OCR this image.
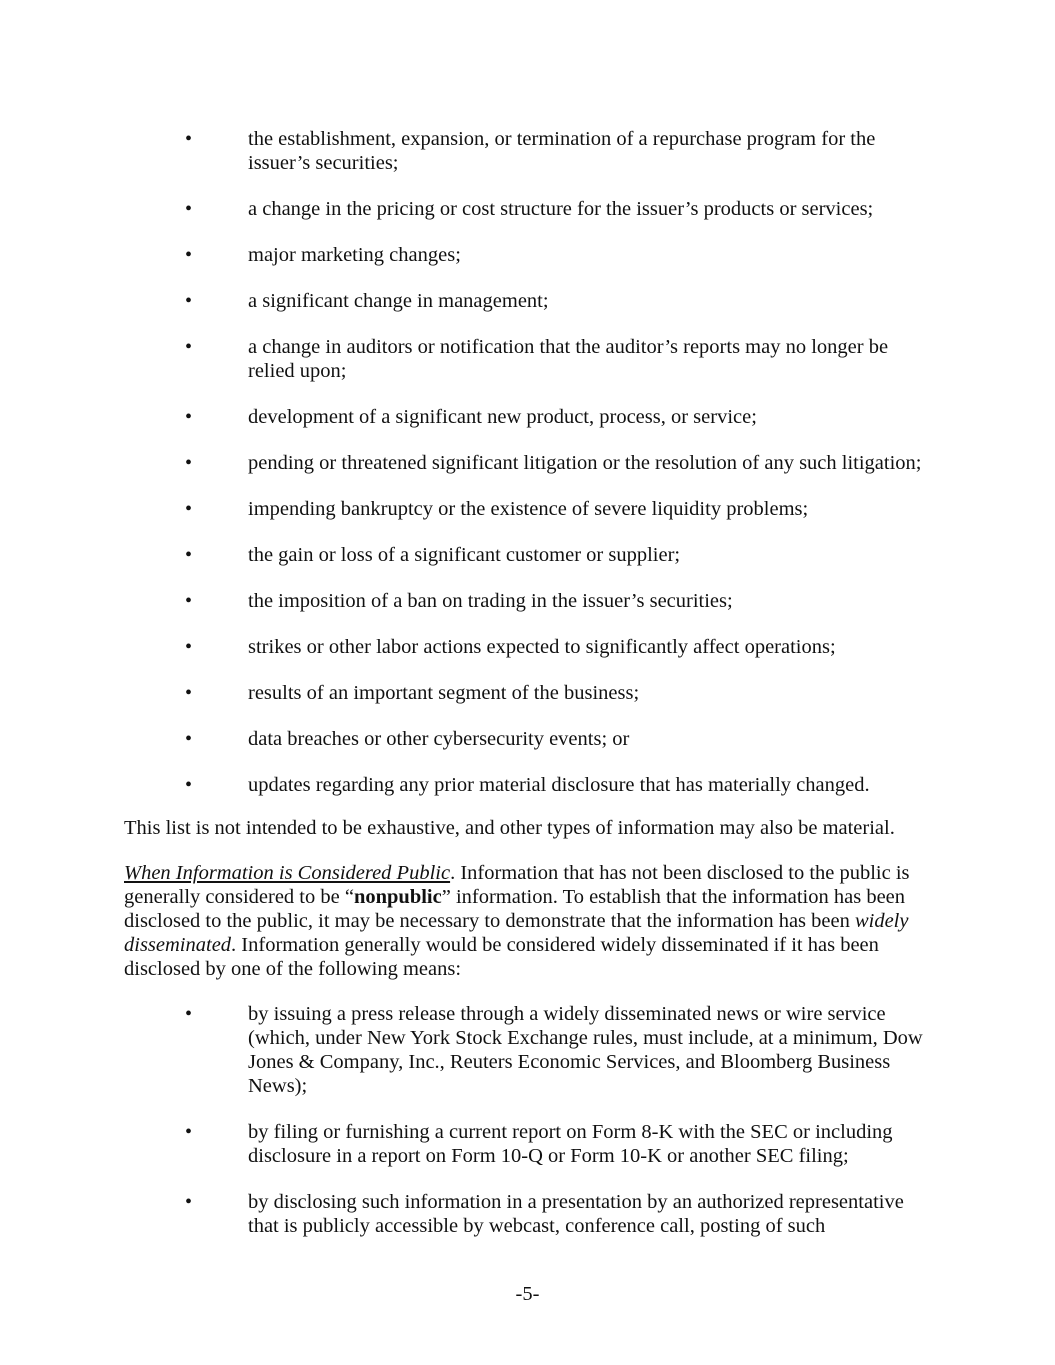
•	the establishment, expansion, or termination of a repurchase program for the issuer’s securities;
•	a change in the pricing or cost structure for the issuer’s products or services;
•	major marketing changes;
•	a significant change in management;
•	a change in auditors or notification that the auditor’s reports may no longer be relied upon;
•	development of a significant new product, process, or service;
•	pending or threatened significant litigation or the resolution of any such litigation;
•	impending bankruptcy or the existence of severe liquidity problems;
•	the gain or loss of a significant customer or supplier;
•	the imposition of a ban on trading in the issuer’s securities;
•	strikes or other labor actions expected to significantly affect operations;
•	results of an important segment of the business;
•	data breaches or other cybersecurity events; or
•	updates regarding any prior material disclosure that has materially changed.

This list is not intended to be exhaustive, and other types of information may also be material.

When Information is Considered Public. Information that has not been disclosed to the public is generally considered to be “nonpublic” information. To establish that the information has been disclosed to the public, it may be necessary to demonstrate that the information has been widely disseminated. Information generally would be considered widely disseminated if it has been disclosed by one of the following means:

•	by issuing a press release through a widely disseminated news or wire service (which, under New York Stock Exchange rules, must include, at a minimum, Dow Jones & Company, Inc., Reuters Economic Services, and Bloomberg Business News);
•	by filing or furnishing a current report on Form 8-K with the SEC or including disclosure in a report on Form 10-Q or Form 10-K or another SEC filing;
•	by disclosing such information in a presentation by an authorized representative that is publicly accessible by webcast, conference call, posting of such
-5-
